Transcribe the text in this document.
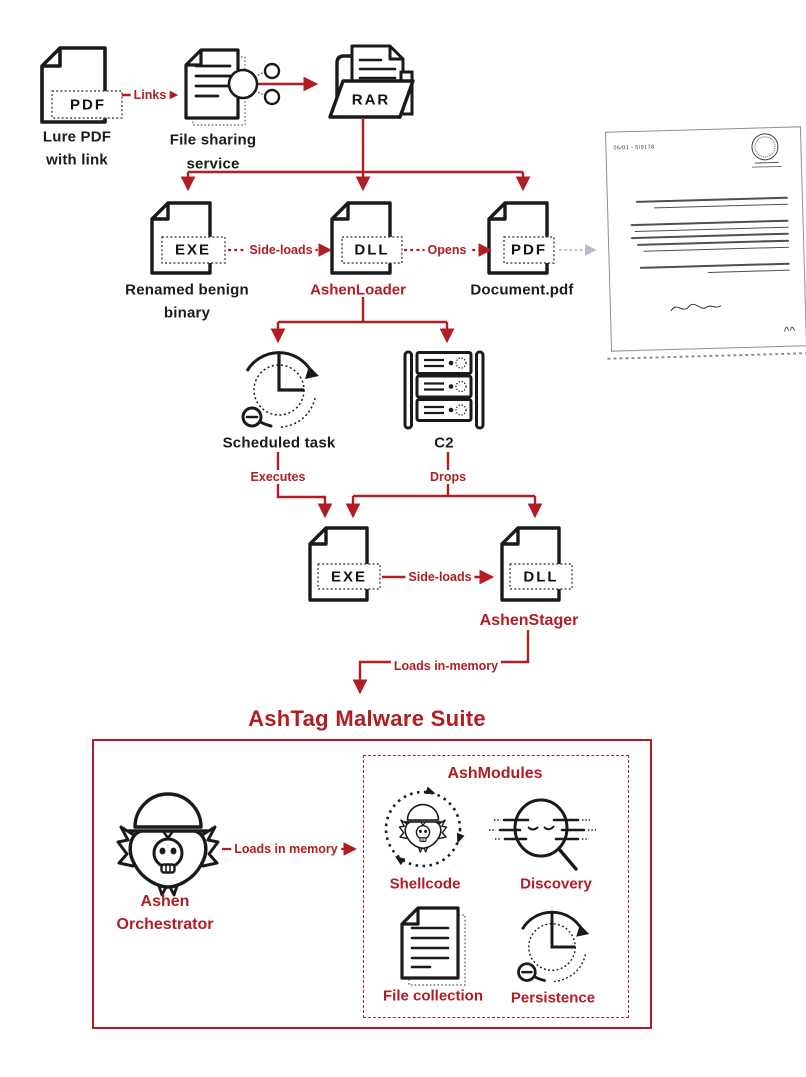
05/01 - 5/9178
Lure PDF
with link
PDF
Links
File sharing
service
RAR
EXE	DLL	PDF
Side-loads	Opens
Renamed benign
binary
AshenLoader	Document.pdf
Scheduled task	C2
Executes	Drops
EXE	DLL
Side-loads
AshenStager
Loads in-memory
AshTag Malware Suite
Ashen
Orchestrator
Loads in memory
AshModules
Shellcode	Discovery
File collection Persistence
